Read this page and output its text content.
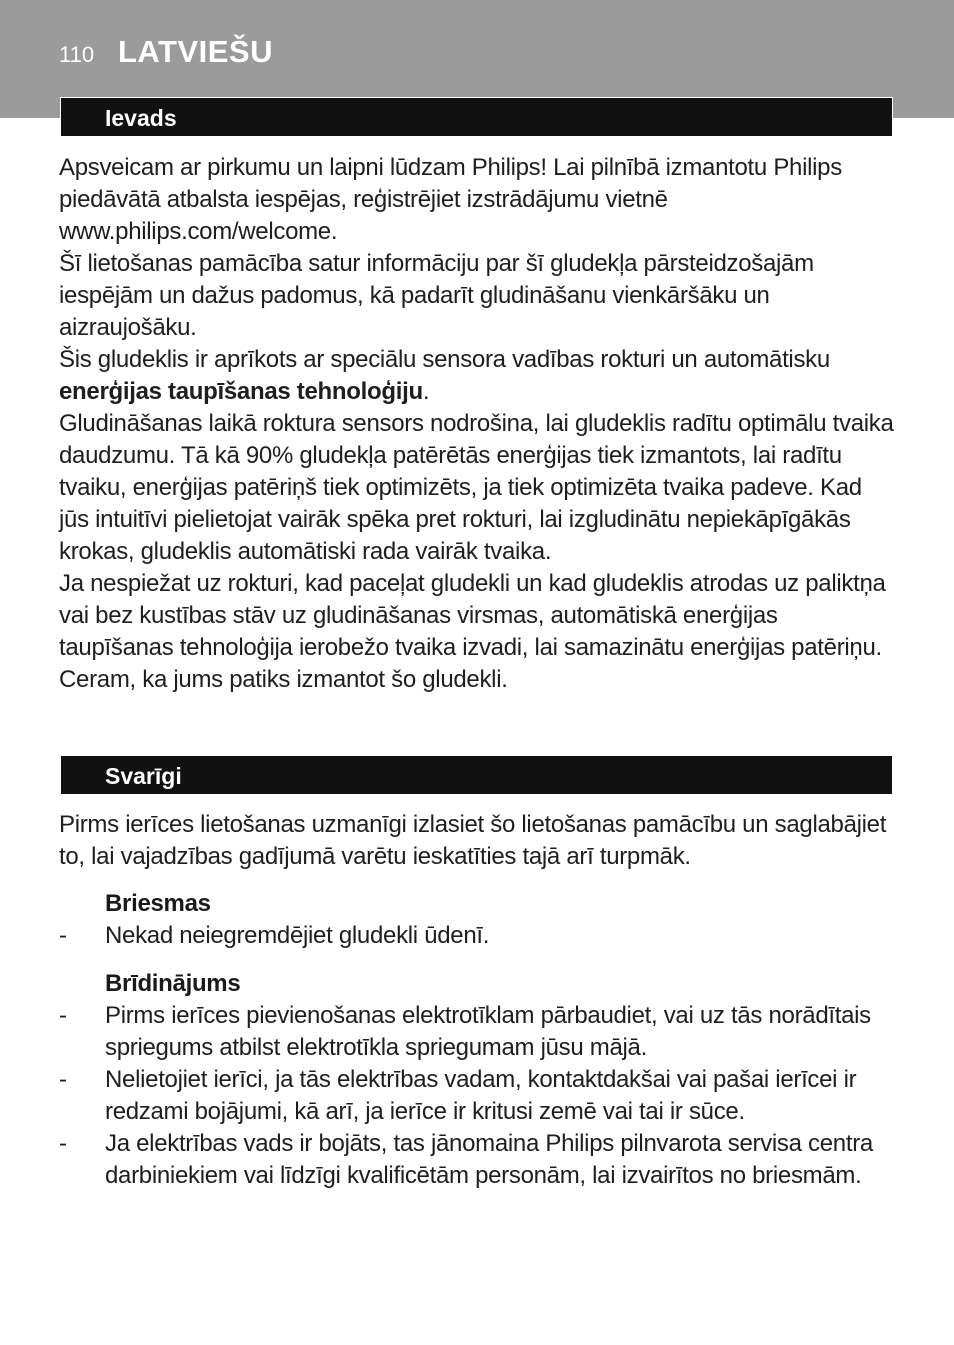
110 LATVIEŠU
Ievads

Apsveicam ar pirkumu un laipni lūdzam Philips! Lai pilnībā izmantotu Philips piedāvātā atbalsta iespējas, reģistrējiet izstrādājumu vietnē www.philips.com/welcome.

Šī lietošanas pamācība satur informāciju par šī gludekļa pārsteidzošajām iespējām un dažus padomus, kā padarīt gludināšanu vienkāršāku un aizraujošāku.

Šis gludeklis ir aprīkots ar speciālu sensora vadības rokturi un automātisku enerģijas taupīšanas tehnoloģiju.

Gludināšanas laikā roktura sensors nodrošina, lai gludeklis radītu optimālu tvaika daudzumu. Tā kā 90% gludekļa patērētās enerģijas tiek izmantots, lai radītu tvaiku, enerģijas patēriņš tiek optimizēts, ja tiek optimizēta tvaika padeve. Kad jūs intuitīvi pielietojat vairāk spēka pret rokturi, lai izgludinātu nepiekāpīgākās krokas, gludeklis automātiski rada vairāk tvaika.

Ja nespiežat uz rokturi, kad paceļat gludekli un kad gludeklis atrodas uz paliktņa vai bez kustības stāv uz gludināšanas virsmas, automātiskā enerģijas taupīšanas tehnoloģija ierobežo tvaika izvadi, lai samazinātu enerģijas patēriņu.

Ceram, ka jums patiks izmantot šo gludekli.

Svarīgi

Pirms ierīces lietošanas uzmanīgi izlasiet šo lietošanas pamācību un saglabājiet to, lai vajadzības gadījumā varētu ieskatīties tajā arī turpmāk.

Briesmas
-	Nekad neiegremdējiet gludekli ūdenī.
Brīdinājums
-	Pirms ierīces pievienošanas elektrotīklam pārbaudiet, vai uz tās norādītais spriegums atbilst elektrotīkla spriegumam jūsu mājā.
-	Nelietojiet ierīci, ja tās elektrības vadam, kontaktdakšai vai pašai ierīcei ir redzami bojājumi, kā arī, ja ierīce ir kritusi zemē vai tai ir sūce.
-	Ja elektrības vads ir bojāts, tas jānomaina Philips pilnvarota servisa centra darbiniekiem vai līdzīgi kvalificētām personām, lai izvairītos no briesmām.
